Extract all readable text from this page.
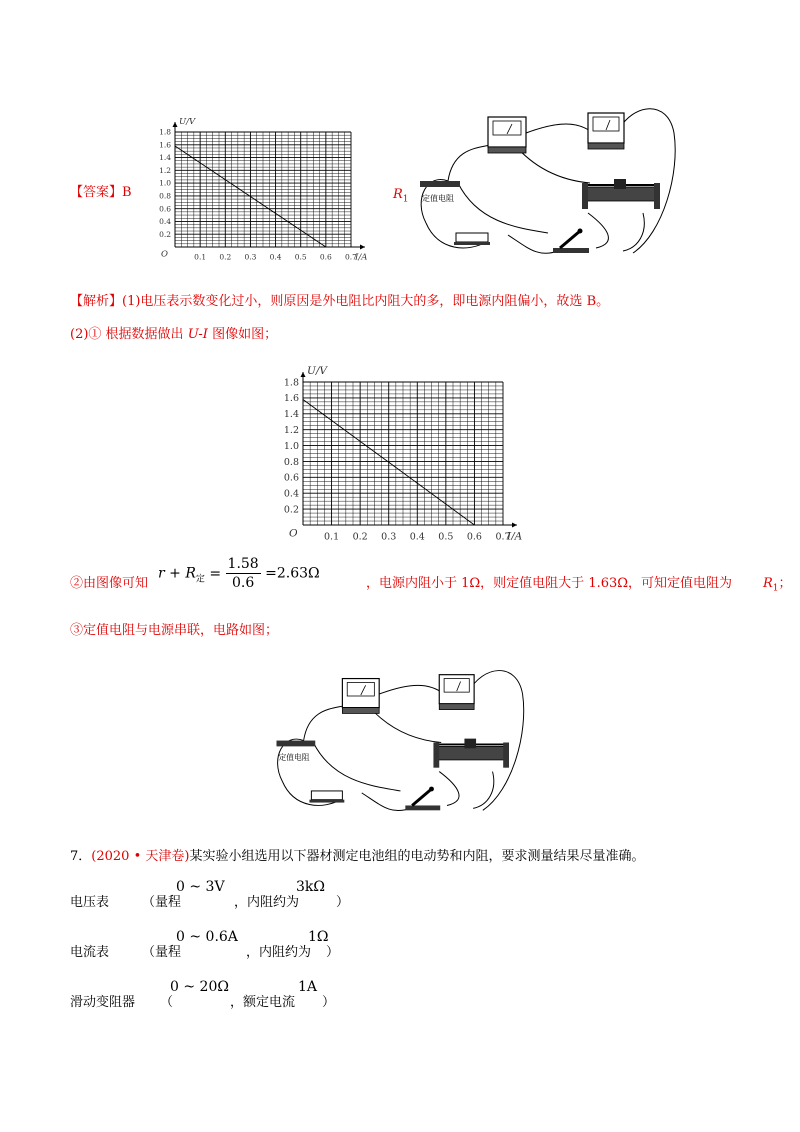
【答案】B
0.2
0.4
0.6
0.8
1.0
1.2
1.4
1.6
1.8
0.1 0.2 0.3 0.4 0.5 0.6 0.7
O
U/V
I/A
$R_1$ 定值电阻
【解析】(1)电压表示数变化过小，则原因是外电阻比内阻大的多，即电源内阻偏小，故选 B。
(2)① 根据数据做出 U-I 图像如图；
0.2
0.4
0.6
0.8
1.0
1.2
1.4
1.6
1.8
0.1 0.2 0.3 0.4 0.5 0.6 0.7
O
U/V
I/A
②由图像可知
$r + R_定 = \frac{1.58}{0.6} =2.63\Omega$
，电源内阻小于 1Ω，则定值电阻大于 1.63Ω，可知定值电阻为 $R_1$；
③定值电阻与电源串联，电路如图；
定值电阻
7．(2020 • 天津卷)某实验小组选用以下器材测定电池组的电动势和内阻，要求测量结果尽量准确。
电压表	（量程
0 ~ 3V
，内阻约为
3kΩ
）
电流表	（量程
0 ~ 0.6A
，内阻约为
1Ω
）
滑动变阻器 （
0 ~ 20Ω
，额定电流
1A
）
